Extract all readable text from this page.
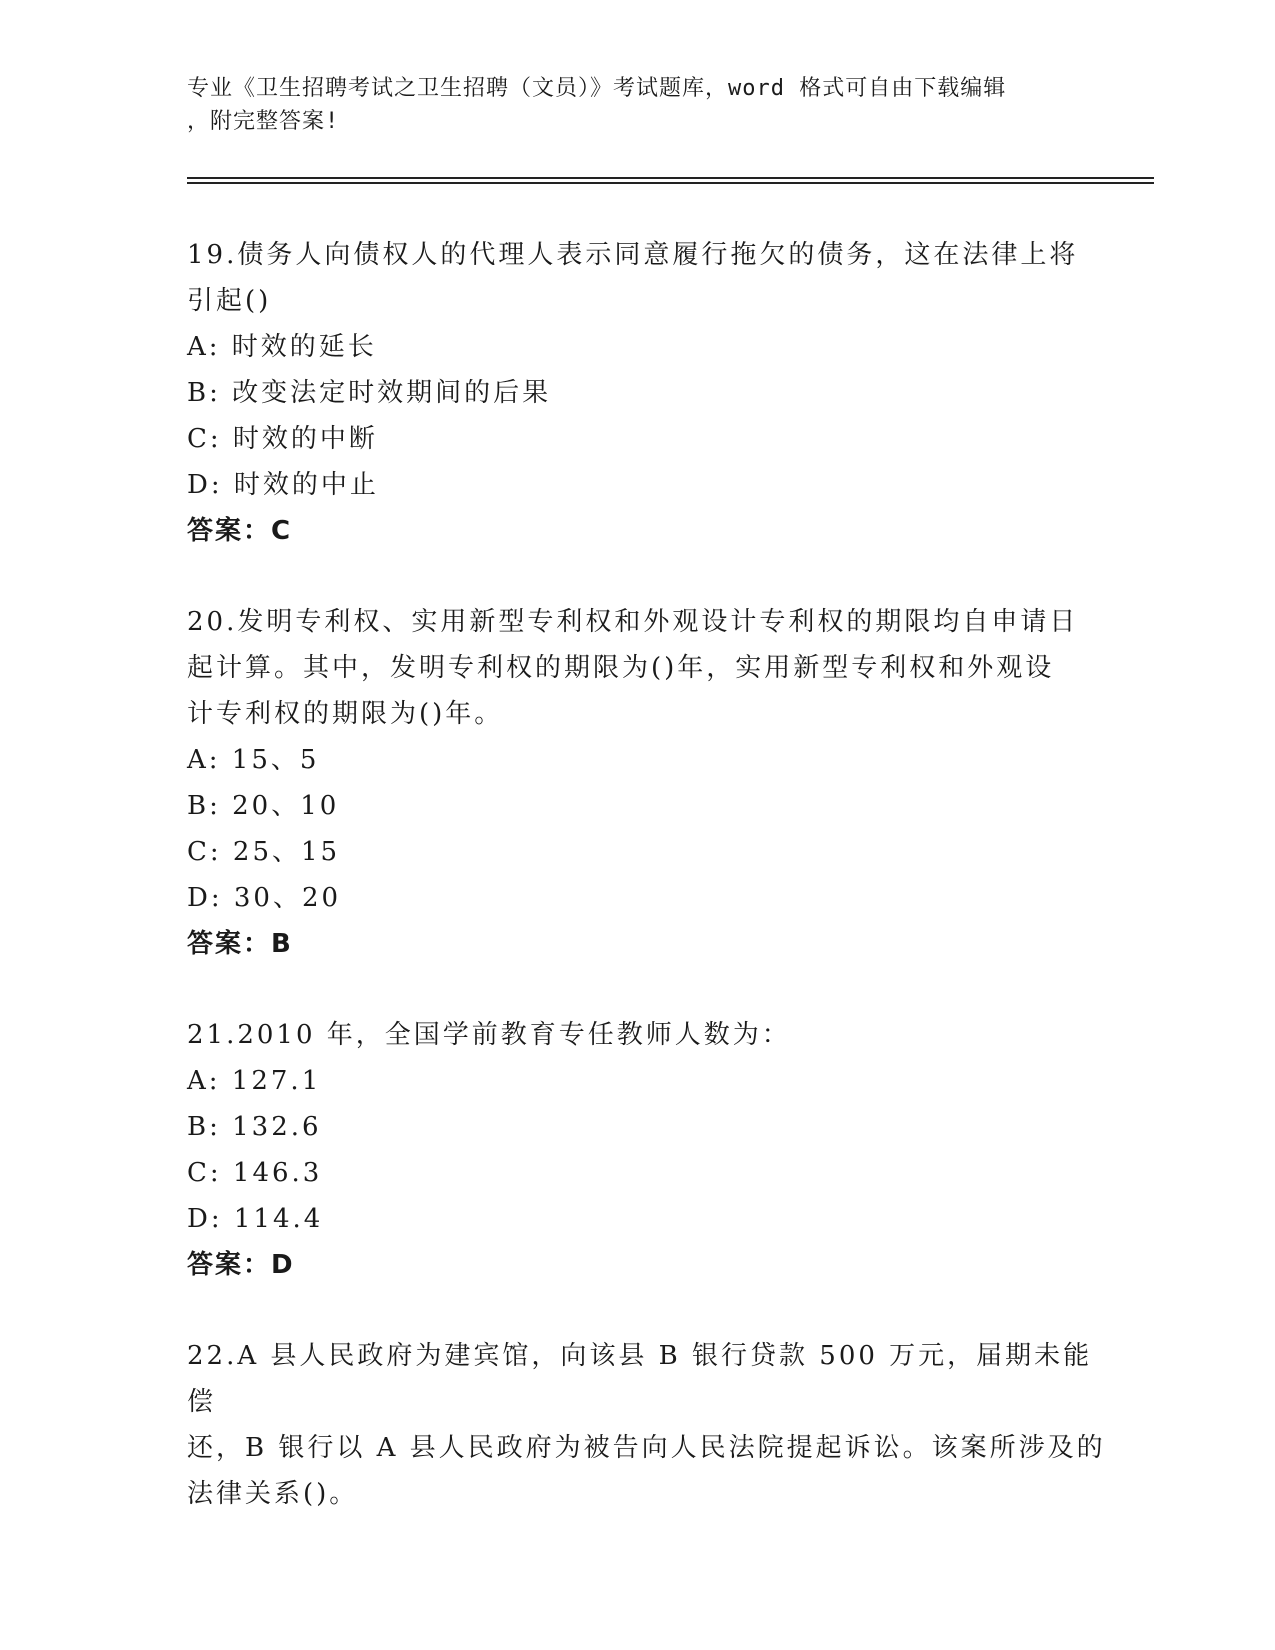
专业《卫生招聘考试之卫生招聘（文员）》考试题库，word 格式可自由下载编辑

，附完整答案!

19.债务人向债权人的代理人表示同意履行拖欠的债务，这在法律上将

引起()

A: 时效的延长

B: 改变法定时效期间的后果

C: 时效的中断

D: 时效的中止

答案：C

20.发明专利权、实用新型专利权和外观设计专利权的期限均自申请日

起计算。其中，发明专利权的期限为()年，实用新型专利权和外观设

计专利权的期限为()年。

A: 15、5

B: 20、10

C: 25、15

D: 30、20

答案：B

21.2010 年，全国学前教育专任教师人数为：

A: 127.1

B: 132.6

C: 146.3

D: 114.4

答案：D

22.A 县人民政府为建宾馆，向该县 B 银行贷款 500 万元，届期未能偿

还，B 银行以 A 县人民政府为被告向人民法院提起诉讼。该案所涉及的

法律关系()。
